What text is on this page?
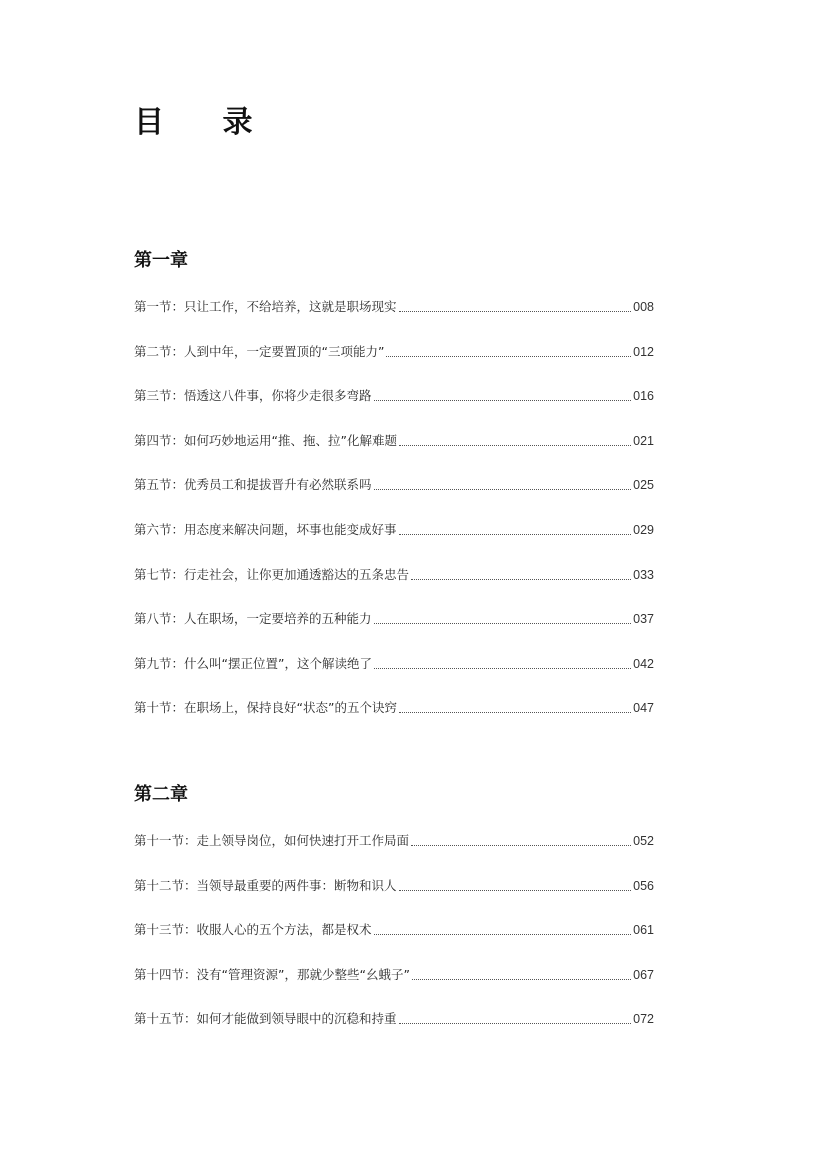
目 录
第一章
第一节： 只让工作，不给培养，这就是职场现实	008
第二节： 人到中年，一定要置顶的“三项能力”	012
第三节： 悟透这八件事，你将少走很多弯路	016
第四节： 如何巧妙地运用“推、拖、拉”化解难题	021
第五节： 优秀员工和提拔晋升有必然联系吗	025
第六节： 用态度来解决问题，坏事也能变成好事	029
第七节： 行走社会，让你更加通透豁达的五条忠告	033
第八节： 人在职场，一定要培养的五种能力	037
第九节： 什么叫“摆正位置”，这个解读绝了	042
第十节： 在职场上，保持良好“状态”的五个诀窍	047
第二章
第十一节： 走上领导岗位，如何快速打开工作局面	052
第十二节： 当领导最重要的两件事：断物和识人	056
第十三节： 收服人心的五个方法，都是权术	061
第十四节： 没有“管理资源”，那就少整些“幺蛾子”	067
第十五节： 如何才能做到领导眼中的沉稳和持重	072
